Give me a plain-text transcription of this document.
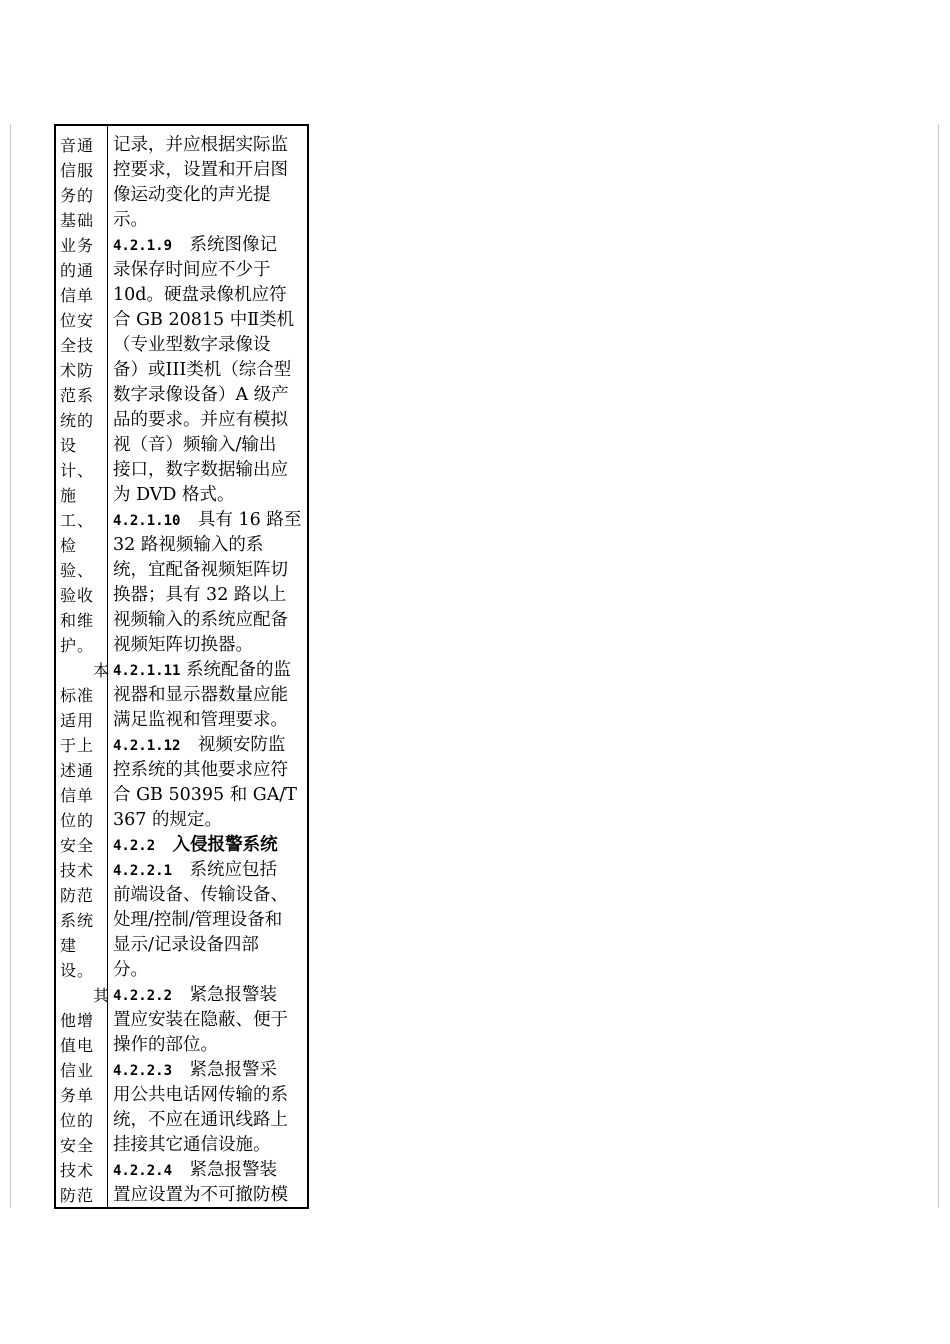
音通
信服
务的
基础
业务
的通
信单
位安
全技
术防
范系
统的
设
计、
施
工、
检
验、
验收
和维
护。
本
标准
适用
于上
述通
信单
位的
安全
技术
防范
系统
建
设。
其
他增
值电
信业
务单
位的
安全
技术
防范
记录，并应根据实际监
控要求，设置和开启图
像运动变化的声光提
示。
4.2.1.9　系统图像记
录保存时间应不少于
10d。硬盘录像机应符
合 GB 20815 中Ⅱ类机
（专业型数字录像设
备）或III类机（综合型
数字录像设备）A 级产
品的要求。并应有模拟
视（音）频输入/输出
接口，数字数据输出应
为 DVD 格式。
4.2.1.10　具有 16 路至
32 路视频输入的系
统，宜配备视频矩阵切
换器；具有 32 路以上
视频输入的系统应配备
视频矩阵切换器。
4.2.1.11 系统配备的监
视器和显示器数量应能
满足监视和管理要求。
4.2.1.12　视频安防监
控系统的其他要求应符
合 GB 50395 和 GA/T
367 的规定。
4.2.2　入侵报警系统
4.2.2.1　系统应包括
前端设备、传输设备、
处理/控制/管理设备和
显示/记录设备四部
分。
4.2.2.2　紧急报警装
置应安装在隐蔽、便于
操作的部位。
4.2.2.3　紧急报警采
用公共电话网传输的系
统，不应在通讯线路上
挂接其它通信设施。
4.2.2.4　紧急报警装
置应设置为不可撤防模
